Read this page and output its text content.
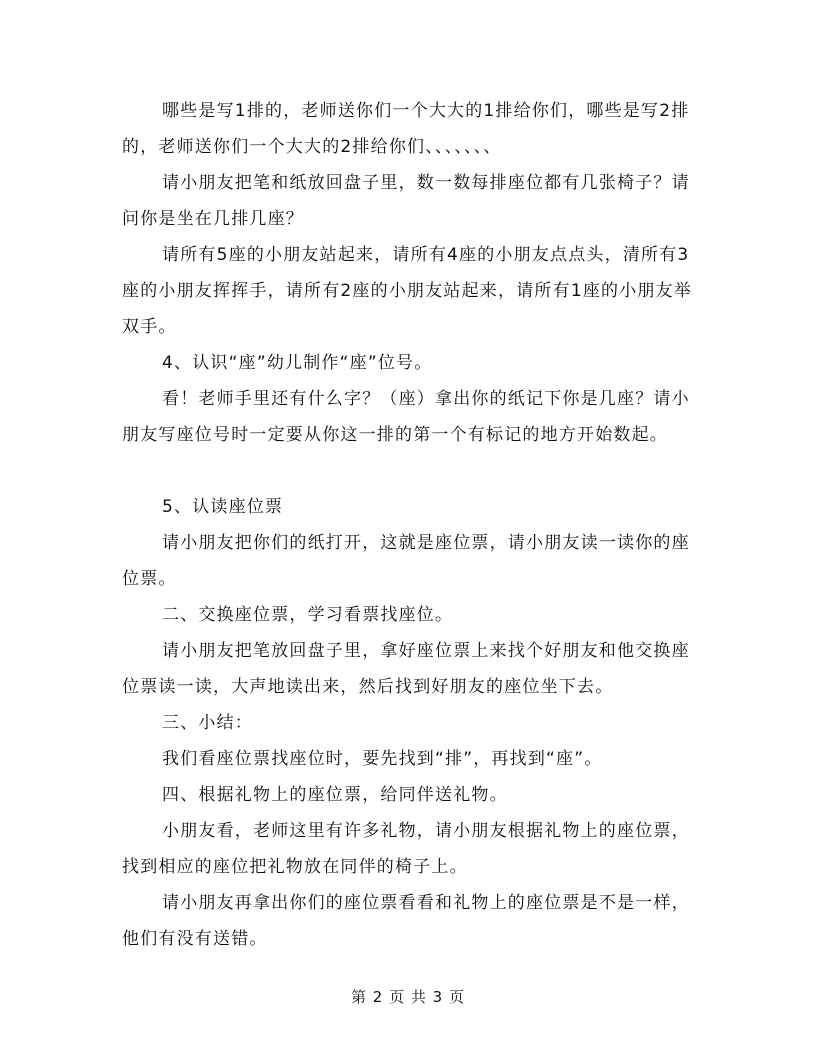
哪些是写1排的，老师送你们一个大大的1排给你们，哪些是写2排的，老师送你们一个大大的2排给你们、、、、、、、

请小朋友把笔和纸放回盘子里，数一数每排座位都有几张椅子？请问你是坐在几排几座？

请所有5座的小朋友站起来，请所有4座的小朋友点点头，清所有3座的小朋友挥挥手，请所有2座的小朋友站起来，请所有1座的小朋友举双手。

4、认识“座”幼儿制作“座”位号。

看！老师手里还有什么字？（座）拿出你的纸记下你是几座？请小朋友写座位号时一定要从你这一排的第一个有标记的地方开始数起。

5、认读座位票

请小朋友把你们的纸打开，这就是座位票，请小朋友读一读你的座位票。

二、交换座位票，学习看票找座位。

请小朋友把笔放回盘子里，拿好座位票上来找个好朋友和他交换座位票读一读，大声地读出来，然后找到好朋友的座位坐下去。

三、小结：

我们看座位票找座位时，要先找到“排”，再找到“座”。

四、根据礼物上的座位票，给同伴送礼物。

小朋友看，老师这里有许多礼物，请小朋友根据礼物上的座位票，找到相应的座位把礼物放在同伴的椅子上。

请小朋友再拿出你们的座位票看看和礼物上的座位票是不是一样，他们有没有送错。

第 2 页 共 3 页
